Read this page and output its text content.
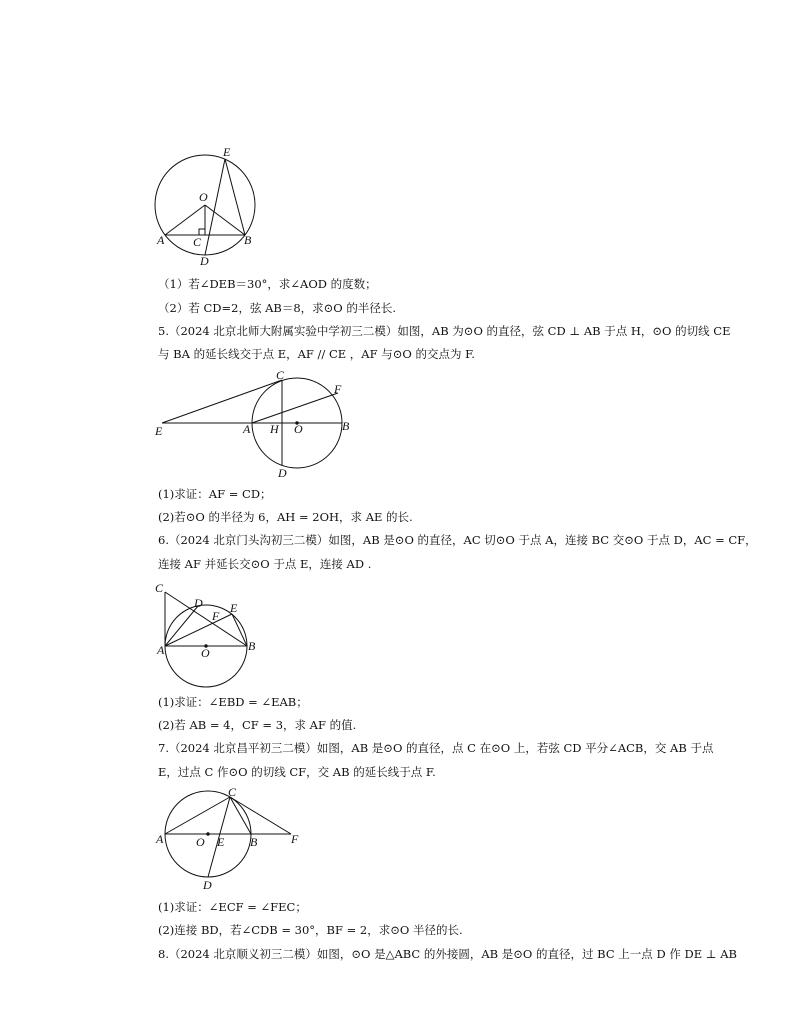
E
O
A C	B
D
（1）若∠DEB＝30°，求∠AOD 的度数；
（2）若 CD=2，弦 AB＝8，求⊙O 的半径长.
5.（2024 北京北师大附属实验中学初三二模）如图，AB 为⊙O 的直径，弦 CD ⊥ AB 于点 H，⊙O 的切线 CE
与 BA 的延长线交于点 E，AF // CE ，AF 与⊙O 的交点为 F.
C
F
E	A H O	B
D
(1)求证：AF = CD；
(2)若⊙O 的半径为 6，AH = 2OH，求 AE 的长.
6.（2024 北京门头沟初三二模）如图，AB 是⊙O 的直径，AC 切⊙O 于点 A，连接 BC 交⊙O 于点 D，AC = CF，
连接 AF 并延长交⊙O 于点 E，连接 AD .
C
D E
F
A	O	B
(1)求证：∠EBD = ∠EAB；
(2)若 AB = 4，CF = 3，求 AF 的值.
7.（2024 北京昌平初三二模）如图，AB 是⊙O 的直径，点 C 在⊙O 上，若弦 CD 平分∠ACB，交 AB 于点
E，过点 C 作⊙O 的切线 CF，交 AB 的延长线于点 F.
C
A	O E B	F
D
(1)求证：∠ECF = ∠FEC；
(2)连接 BD，若∠CDB = 30°，BF = 2，求⊙O 半径的长.
8.（2024 北京顺义初三二模）如图，⊙O 是△ABC 的外接圆，AB 是⊙O 的直径，过 BC 上一点 D 作 DE ⊥ AB
